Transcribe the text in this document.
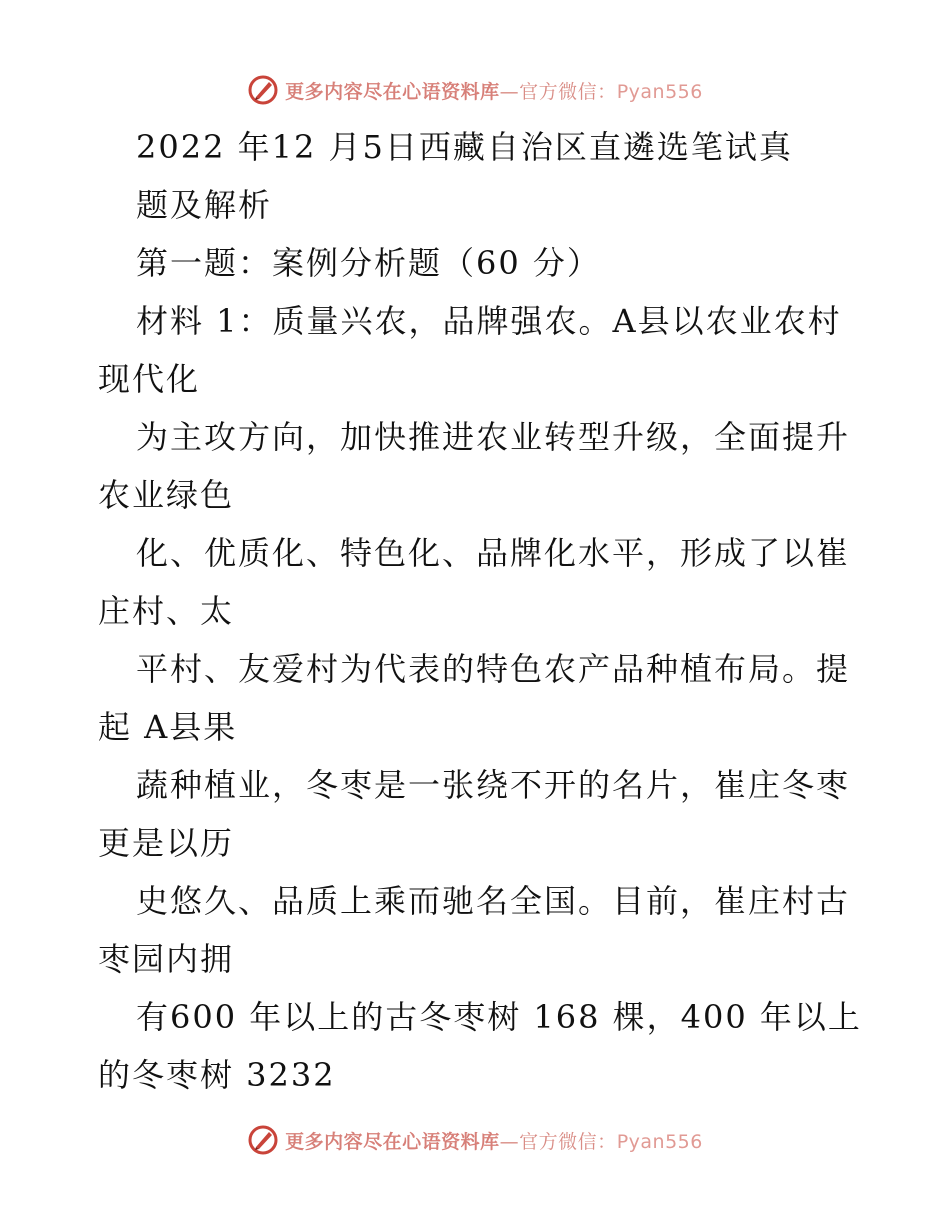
更多内容尽在心语资料库—官方微信：Pyan556
2022 年12 月5日西藏自治区直遴选笔试真
题及解析
第一题：案例分析题（60 分）
材料 1：质量兴农，品牌强农。A县以农业农村
现代化
为主攻方向，加快推进农业转型升级，全面提升
农业绿色
化、优质化、特色化、品牌化水平，形成了以崔
庄村、太
平村、友爱村为代表的特色农产品种植布局。提
起 A县果
蔬种植业，冬枣是一张绕不开的名片，崔庄冬枣
更是以历
史悠久、品质上乘而驰名全国。目前，崔庄村古
枣园内拥
有600 年以上的古冬枣树 168 棵，400 年以上
的冬枣树 3232
更多内容尽在心语资料库—官方微信：Pyan556
